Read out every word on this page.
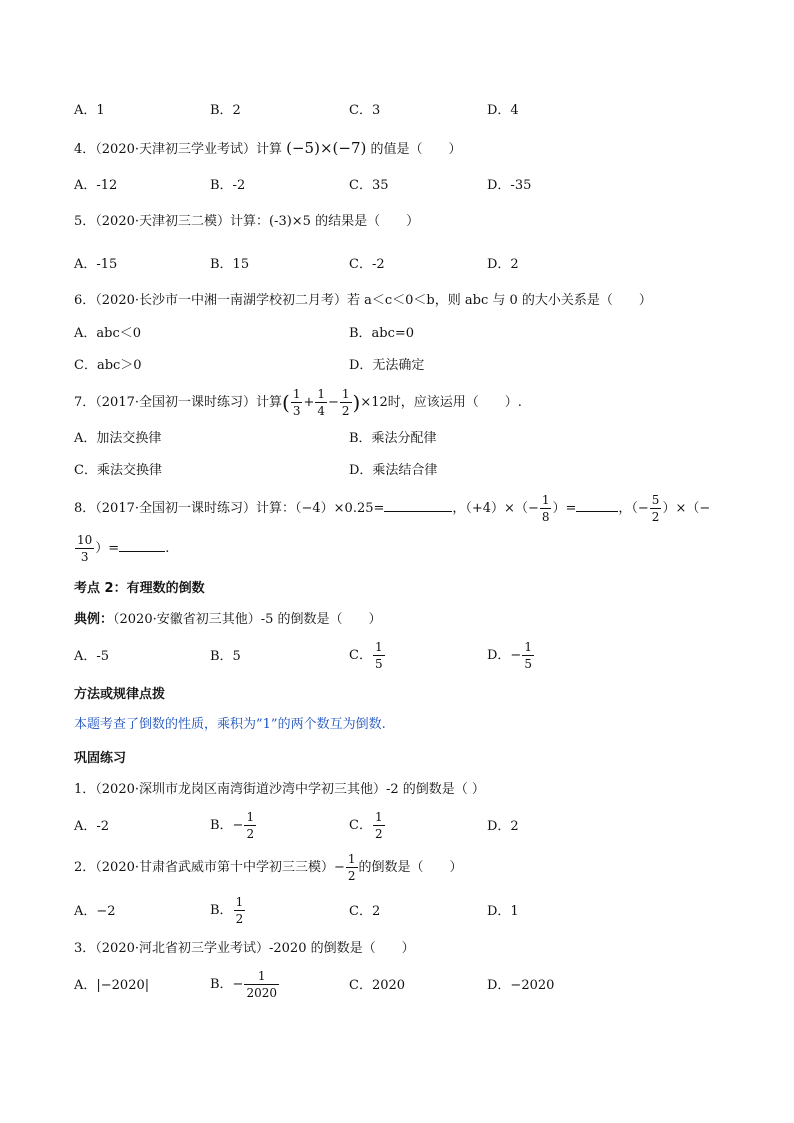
A．1	B．2	C．3	D．4
4．（2020·天津初三学业考试）计算 (−5)×(−7) 的值是（　　）
A．-12	B．-2	C．35	D．-35
5．（2020·天津初三二模）计算：(-3)×5 的结果是（　　）
A．-15	B．15	C．-2	D．2
6．（2020·长沙市一中湘一南湖学校初二月考）若 a＜c＜0＜b，则 abc 与 0 的大小关系是（　　）
A．abc＜0	B．abc=0
C．abc＞0	D．无法确定
7．（2017·全国初一课时练习）计算( $\frac{1}{3} + \frac{1}{4} - \frac{1}{2} )\times 12$时，应该运用（　　）.
A．加法交换律	B．乘法分配律
C．乘法交换律	D．乘法结合律
8．（2017·全国初一课时练习）计算：（−4）×0.25=	，$(+4)\times(- \frac{1}{8}$ ）=	，（− $\frac{5}{2}$ ）×（−
$\frac{10}{3}$ ）=	.
考点 2：有理数的倒数
典例：（2020·安徽省初三其他）-5 的倒数是（　　）
A．-5	B．5	C． $\frac{1}{5}$	D．− $\frac{1}{5}$
方法或规律点拨
本题考查了倒数的性质，乘积为”1”的两个数互为倒数.
巩固练习
1．（2020·深圳市龙岗区南湾街道沙湾中学初三其他）-2 的倒数是（ ）
A．-2	B．− $\frac{1}{2}$	C． $\frac{1}{2}$	D．2
2．（2020·甘肃省武威市第十中学初三三模）− $\frac{1}{2}$ 的倒数是（　　）
A．−2	B． $\frac{1}{2}$	C．2	D．1
3．（2020·河北省初三学业考试）-2020 的倒数是（　　）
A．|−2020|	B．− $\frac{1}{2020}$	C．2020	D．−2020
